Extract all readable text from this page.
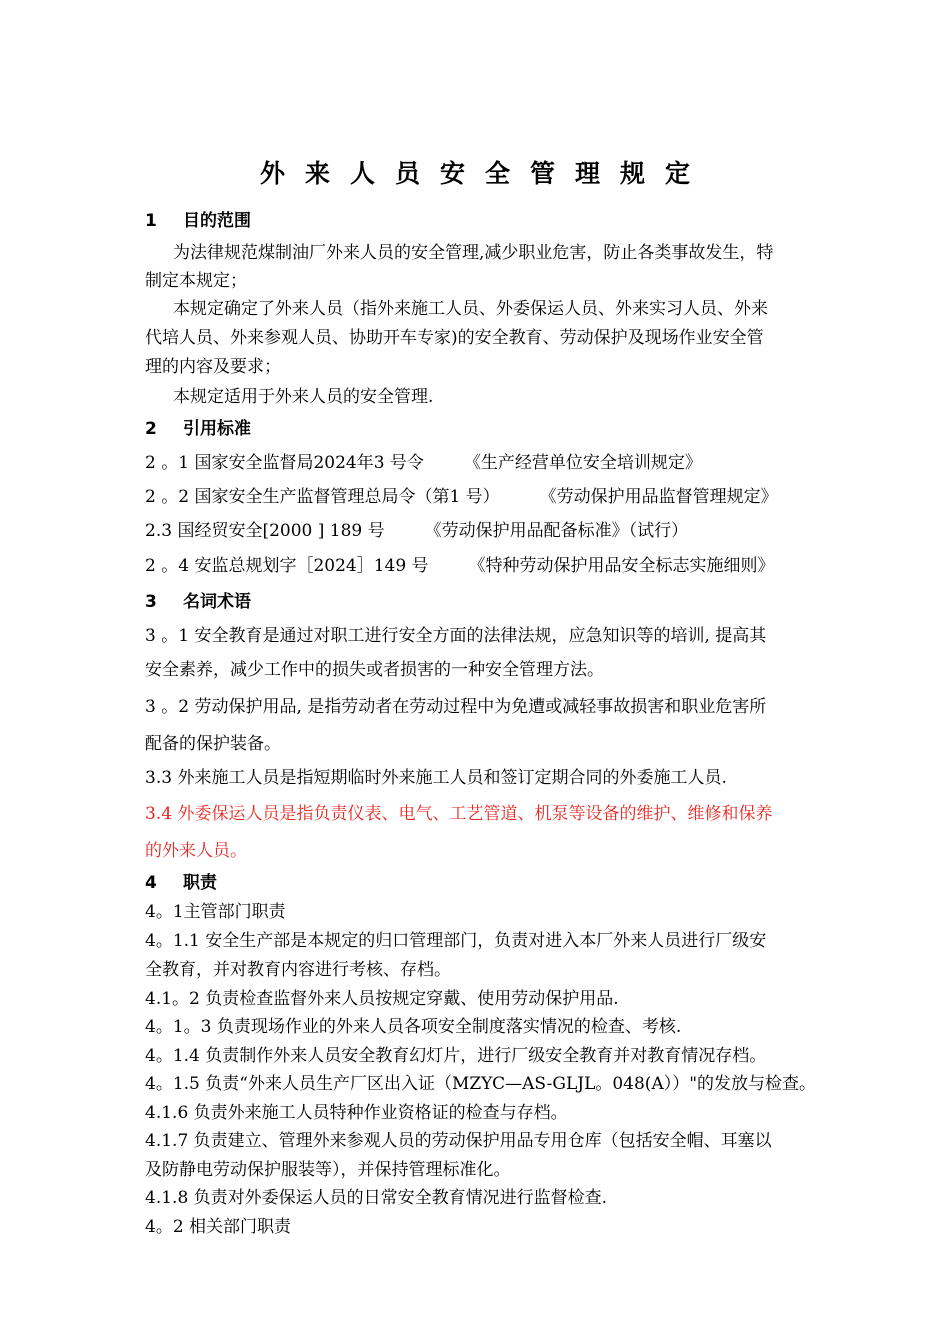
外来人员安全管理规定
1 目的范围
为法律规范煤制油厂外来人员的安全管理,减少职业危害，防止各类事故发生，特
制定本规定；
本规定确定了外来人员（指外来施工人员、外委保运人员、外来实习人员、外来
代培人员、外来参观人员、协助开车专家)的安全教育、劳动保护及现场作业安全管
理的内容及要求；
本规定适用于外来人员的安全管理.
2 引用标准
2 。1 国家安全监督局2024年3 号令 《生产经营单位安全培训规定》
2 。2 国家安全生产监督管理总局令（第1 号） 《劳动保护用品监督管理规定》
2.3 国经贸安全[2000 ] 189 号 《劳动保护用品配备标准》（试行）
2 。4 安监总规划字［2024］149 号 《特种劳动保护用品安全标志实施细则》
3 名词术语
3 。1 安全教育是通过对职工进行安全方面的法律法规，应急知识等的培训, 提高其
安全素养，减少工作中的损失或者损害的一种安全管理方法。
3 。2 劳动保护用品, 是指劳动者在劳动过程中为免遭或减轻事故损害和职业危害所
配备的保护装备。
3.3 外来施工人员是指短期临时外来施工人员和签订定期合同的外委施工人员.
3.4 外委保运人员是指负责仪表、电气、工艺管道、机泵等设备的维护、维修和保养
的外来人员。
4 职责
4。1主管部门职责
4。1.1 安全生产部是本规定的归口管理部门，负责对进入本厂外来人员进行厂级安
全教育，并对教育内容进行考核、存档。
4.1。2 负责检查监督外来人员按规定穿戴、使用劳动保护用品.
4。1。3 负责现场作业的外来人员各项安全制度落实情况的检查、考核.
4。1.4 负责制作外来人员安全教育幻灯片，进行厂级安全教育并对教育情况存档。
4。1.5 负责“外来人员生产厂区出入证（MZYC—AS-GLJL。048(A））"的发放与检查。
4.1.6 负责外来施工人员特种作业资格证的检查与存档。
4.1.7 负责建立、管理外来参观人员的劳动保护用品专用仓库（包括安全帽、耳塞以
及防静电劳动保护服装等），并保持管理标准化。
4.1.8 负责对外委保运人员的日常安全教育情况进行监督检查.
4。2 相关部门职责
